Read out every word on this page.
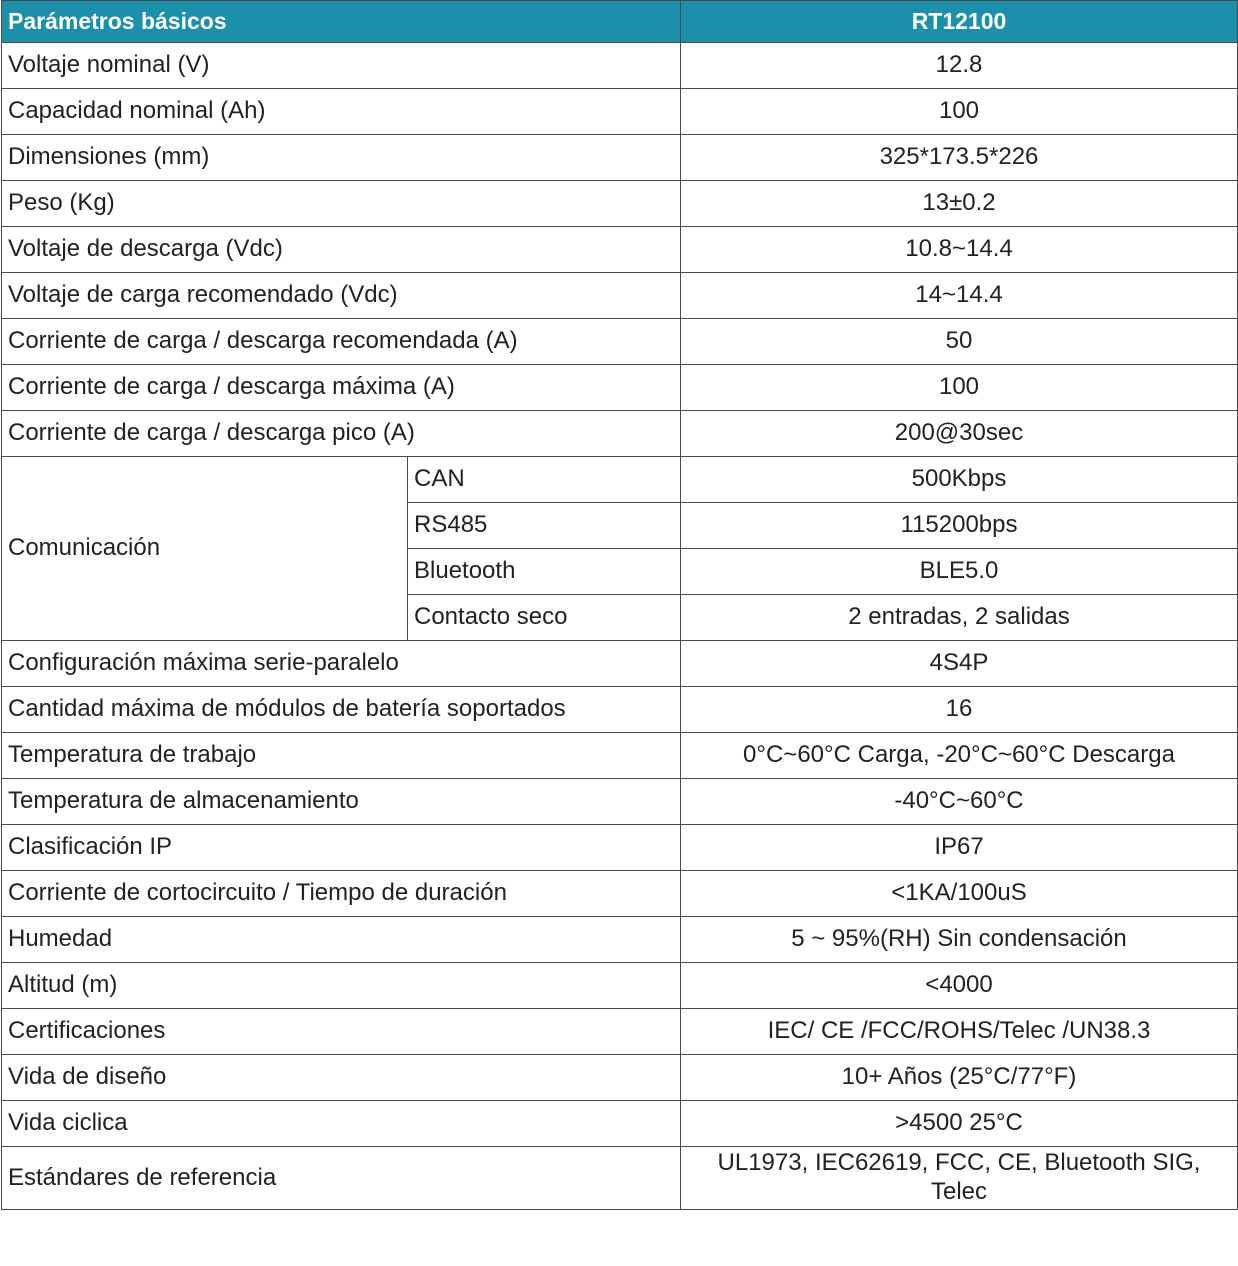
Parámetros básicos		RT12100
Voltaje nominal (V)		12.8
Capacidad nominal (Ah)		100
Dimensiones (mm)		325*173.5*226
Peso (Kg)		13±0.2
Voltaje de descarga (Vdc)		10.8~14.4
Voltaje de carga recomendado (Vdc)		14~14.4
Corriente de carga / descarga recomendada (A)		50
Corriente de carga / descarga máxima (A)		100
Corriente de carga / descarga pico (A)		200@30sec
Comunicación	CAN	500Kbps
	RS485	115200bps
	Bluetooth	BLE5.0
	Contacto seco	2 entradas, 2 salidas
Configuración máxima serie-paralelo		4S4P
Cantidad máxima de módulos de batería soportados		16
Temperatura de trabajo		0°C~60°C Carga, -20°C~60°C Descarga
Temperatura de almacenamiento		-40°C~60°C
Clasificación IP		IP67
Corriente de cortocircuito / Tiempo de duración		<1KA/100uS
Humedad		5 ~ 95%(RH) Sin condensación
Altitud (m)		<4000
Certificaciones		IEC/ CE /FCC/ROHS/Telec /UN38.3
Vida de diseño		10+ Años (25°C/77°F)
Vida ciclica		>4500 25°C
Estándares de referencia		UL1973, IEC62619, FCC, CE, Bluetooth SIG, Telec
